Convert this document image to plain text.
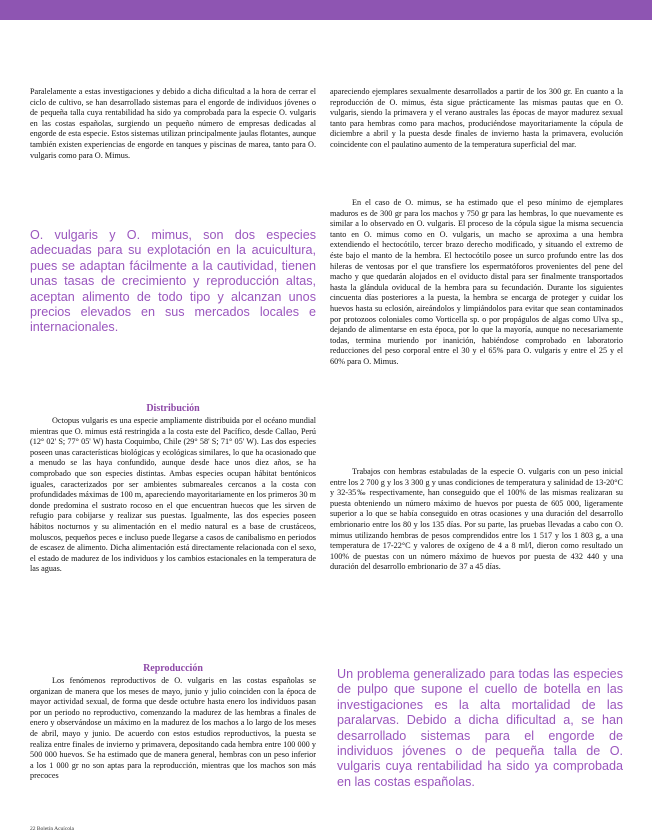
Paralelamente a estas investigaciones y debido a dicha dificultad a la hora de cerrar el ciclo de cultivo, se han desarrollado sistemas para el engorde de individuos jóvenes o de pequeña talla cuya rentabilidad ha sido ya comprobada para la especie O. vulgaris en las costas españolas, surgiendo un pequeño número de empresas dedicadas al engorde de esta especie. Estos sistemas utilizan principalmente jaulas flotantes, aunque también existen experiencias de engorde en tanques y piscinas de marea, tanto para O. vulgaris como para O. Mimus.

O. vulgaris y O. mimus, son dos especies adecuadas para su explotación en la acuicultura, pues se adaptan fácilmente a la cautividad, tienen unas tasas de crecimiento y reproducción altas, aceptan alimento de todo tipo y alcanzan unos precios elevados en sus mercados locales e internacionales.
Distribución

Octopus vulgaris es una especie ampliamente distribuida por el océano mundial mientras que O. mimus está restringida a la costa este del Pacífico, desde Callao, Perú (12° 02' S; 77° 05' W) hasta Coquimbo, Chile (29° 58' S; 71° 05' W). Las dos especies poseen unas características biológicas y ecológicas similares, lo que ha ocasionado que a menudo se las haya confundido, aunque desde hace unos diez años, se ha comprobado que son especies distintas. Ambas especies ocupan hábitat bentónicos iguales, caracterizados por ser ambientes submareales cercanos a la costa con profundidades máximas de 100 m, apareciendo mayoritariamente en los primeros 30 m donde predomina el sustrato rocoso en el que encuentran huecos que les sirven de refugio para cobijarse y realizar sus puestas. Igualmente, las dos especies poseen hábitos nocturnos y su alimentación en el medio natural es a base de crustáceos, moluscos, pequeños peces e incluso puede llegarse a casos de canibalismo en periodos de escasez de alimento. Dicha alimentación está directamente relacionada con el sexo, el estado de madurez de los individuos y los cambios estacionales en la temperatura de las aguas.

Reproducción

Los fenómenos reproductivos de O. vulgaris en las costas españolas se organizan de manera que los meses de mayo, junio y julio coinciden con la época de mayor actividad sexual, de forma que desde octubre hasta enero los individuos pasan por un periodo no reproductivo, comenzando la madurez de las hembras a finales de enero y observándose un máximo en la madurez de los machos a lo largo de los meses de abril, mayo y junio. De acuerdo con estos estudios reproductivos, la puesta se realiza entre finales de invierno y primavera, depositando cada hembra entre 100 000 y 500 000 huevos. Se ha estimado que de manera general, hembras con un peso inferior a los 1 000 gr no son aptas para la reproducción, mientras que los machos son más precoces

apareciendo ejemplares sexualmente desarrollados a partir de los 300 gr. En cuanto a la reproducción de O. mimus, ésta sigue prácticamente las mismas pautas que en O. vulgaris, siendo la primavera y el verano australes las épocas de mayor madurez sexual tanto para hembras como para machos, produciéndose mayoritariamente la cópula de diciembre a abril y la puesta desde finales de invierno hasta la primavera, evolución coincidente con el paulatino aumento de la temperatura superficial del mar.

En el caso de O. mimus, se ha estimado que el peso mínimo de ejemplares maduros es de 300 gr para los machos y 750 gr para las hembras, lo que nuevamente es similar a lo observado en O. vulgaris. El proceso de la cópula sigue la misma secuencia tanto en O. mimus como en O. vulgaris, un macho se aproxima a una hembra extendiendo el hectocótilo, tercer brazo derecho modificado, y situando el extremo de éste bajo el manto de la hembra. El hectocótilo posee un surco profundo entre las dos hileras de ventosas por el que transfiere los espermatóforos provenientes del pene del macho y que quedarán alojados en el oviducto distal para ser finalmente transportados hasta la glándula oviducal de la hembra para su fecundación. Durante los siguientes cincuenta días posteriores a la puesta, la hembra se encarga de proteger y cuidar los huevos hasta su eclosión, aireándolos y limpiándolos para evitar que sean contaminados por protozoos coloniales como Vorticella sp. o por propágulos de algas como Ulva sp., dejando de alimentarse en esta época, por lo que la mayoría, aunque no necesariamente todas, termina muriendo por inanición, habiéndose comprobado en laboratorio reducciones del peso corporal entre el 30 y el 65% para O. vulgaris y entre el 25 y el 60% para O. Mimus.

Trabajos con hembras estabuladas de la especie O. vulgaris con un peso inicial entre los 2 700 g y los 3 300 g y unas condiciones de temperatura y salinidad de 13-20°C y 32-35‰ respectivamente, han conseguido que el 100% de las mismas realizaran su puesta obteniendo un número máximo de huevos por puesta de 605 000, ligeramente superior a lo que se había conseguido en otras ocasiones y una duración del desarrollo embrionario entre los 80 y los 135 días. Por su parte, las pruebas llevadas a cabo con O. mimus utilizando hembras de pesos comprendidos entre los 1 517 y los 1 803 g, a una temperatura de 17-22°C y valores de oxígeno de 4 a 8 ml/l, dieron como resultado un 100% de puestas con un número máximo de huevos por puesta de 432 440 y una duración del desarrollo embrionario de 37 a 45 días.

Un problema generalizado para todas las especies de pulpo que supone el cuello de botella en las investigaciones es la alta mortalidad de las paralarvas. Debido a dicha dificultad a, se han desarrollado sistemas para el engorde de individuos jóvenes o de pequeña talla de O. vulgaris cuya rentabilidad ha sido ya comprobada en las costas españolas.
22 Boletín Acuícola
